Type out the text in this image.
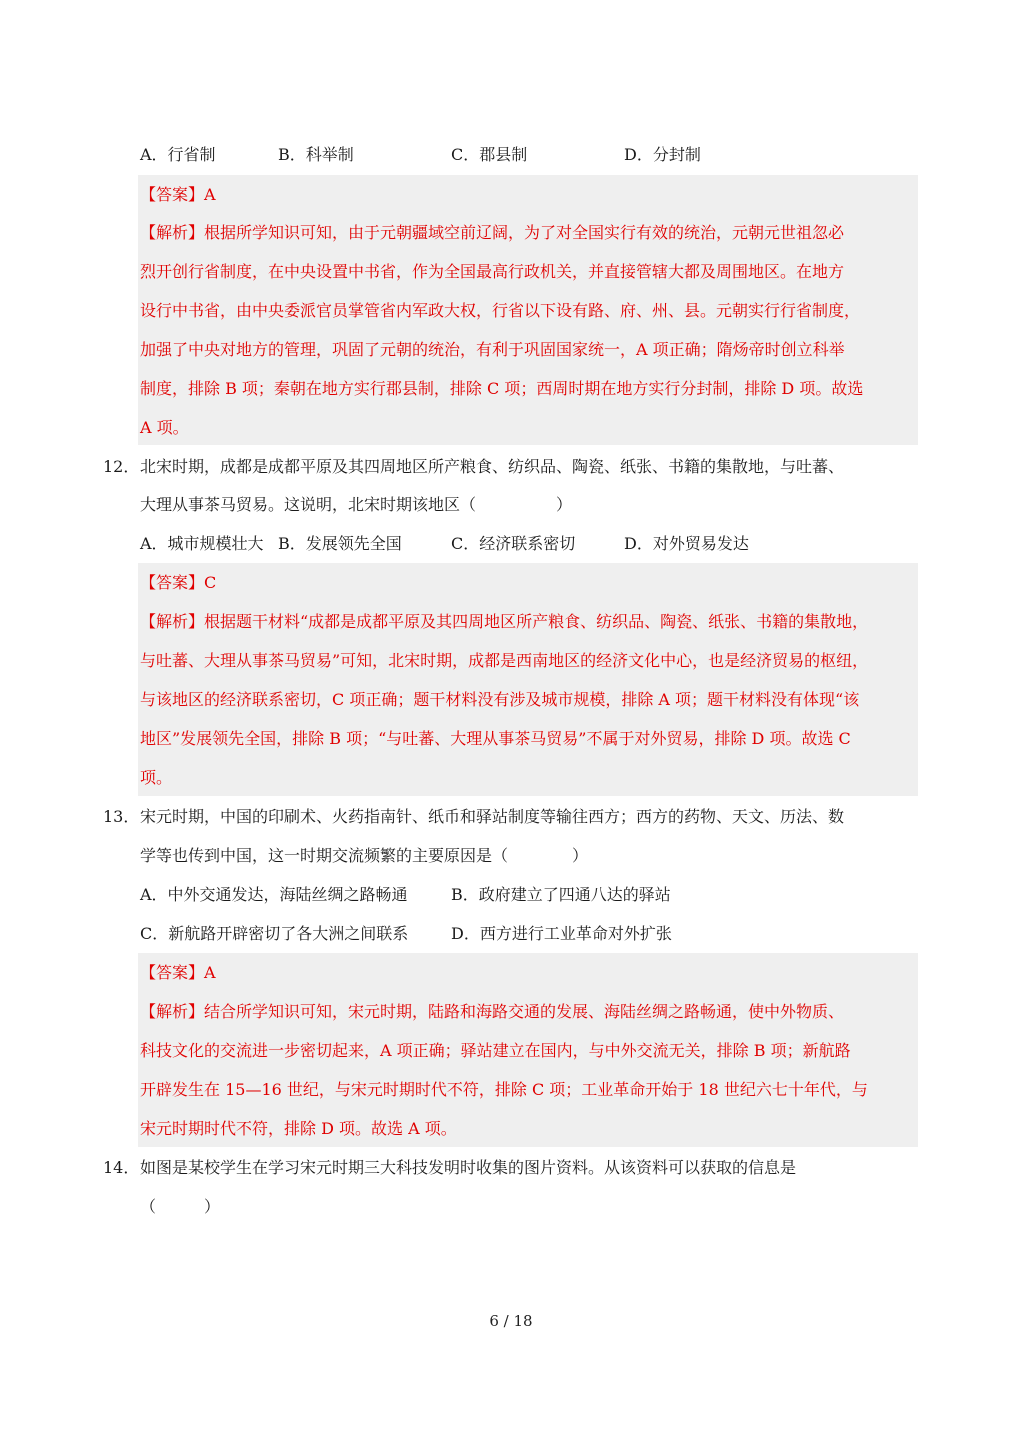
A．行省制	B．科举制	C．郡县制	D．分封制
【答案】A
【解析】根据所学知识可知，由于元朝疆域空前辽阔，为了对全国实行有效的统治，元朝元世祖忽必
烈开创行省制度，在中央设置中书省，作为全国最高行政机关，并直接管辖大都及周围地区。在地方
设行中书省，由中央委派官员掌管省内军政大权，行省以下设有路、府、州、县。元朝实行行省制度，
加强了中央对地方的管理，巩固了元朝的统治，有利于巩固国家统一，A 项正确；隋炀帝时创立科举
制度，排除 B 项；秦朝在地方实行郡县制，排除 C 项；西周时期在地方实行分封制，排除 D 项。故选
A 项。
12． 北宋时期，成都是成都平原及其四周地区所产粮食、纺织品、陶瓷、纸张、书籍的集散地，与吐蕃、
大理从事茶马贸易。这说明，北宋时期该地区（　　　　　）
A．城市规模壮大 B．发展领先全国	C．经济联系密切	D．对外贸易发达
【答案】C
【解析】根据题干材料“成都是成都平原及其四周地区所产粮食、纺织品、陶瓷、纸张、书籍的集散地，
与吐蕃、大理从事茶马贸易”可知，北宋时期，成都是西南地区的经济文化中心，也是经济贸易的枢纽，
与该地区的经济联系密切，C 项正确；题干材料没有涉及城市规模，排除 A 项；题干材料没有体现“该
地区”发展领先全国，排除 B 项；“与吐蕃、大理从事茶马贸易”不属于对外贸易，排除 D 项。故选 C
项。
13． 宋元时期，中国的印刷术、火药指南针、纸币和驿站制度等输往西方；西方的药物、天文、历法、数
学等也传到中国，这一时期交流频繁的主要原因是（　　　　）
A．中外交通发达，海陆丝绸之路畅通	B．政府建立了四通八达的驿站
C．新航路开辟密切了各大洲之间联系	D．西方进行工业革命对外扩张
【答案】A
【解析】结合所学知识可知，宋元时期，陆路和海路交通的发展、海陆丝绸之路畅通，使中外物质、
科技文化的交流进一步密切起来，A 项正确；驿站建立在国内，与中外交流无关，排除 B 项；新航路
开辟发生在 15—16 世纪，与宋元时期时代不符，排除 C 项；工业革命开始于 18 世纪六七十年代，与
宋元时期时代不符，排除 D 项。故选 A 项。
14． 如图是某校学生在学习宋元时期三大科技发明时收集的图片资料。从该资料可以获取的信息是
（　　　）
6 / 18
